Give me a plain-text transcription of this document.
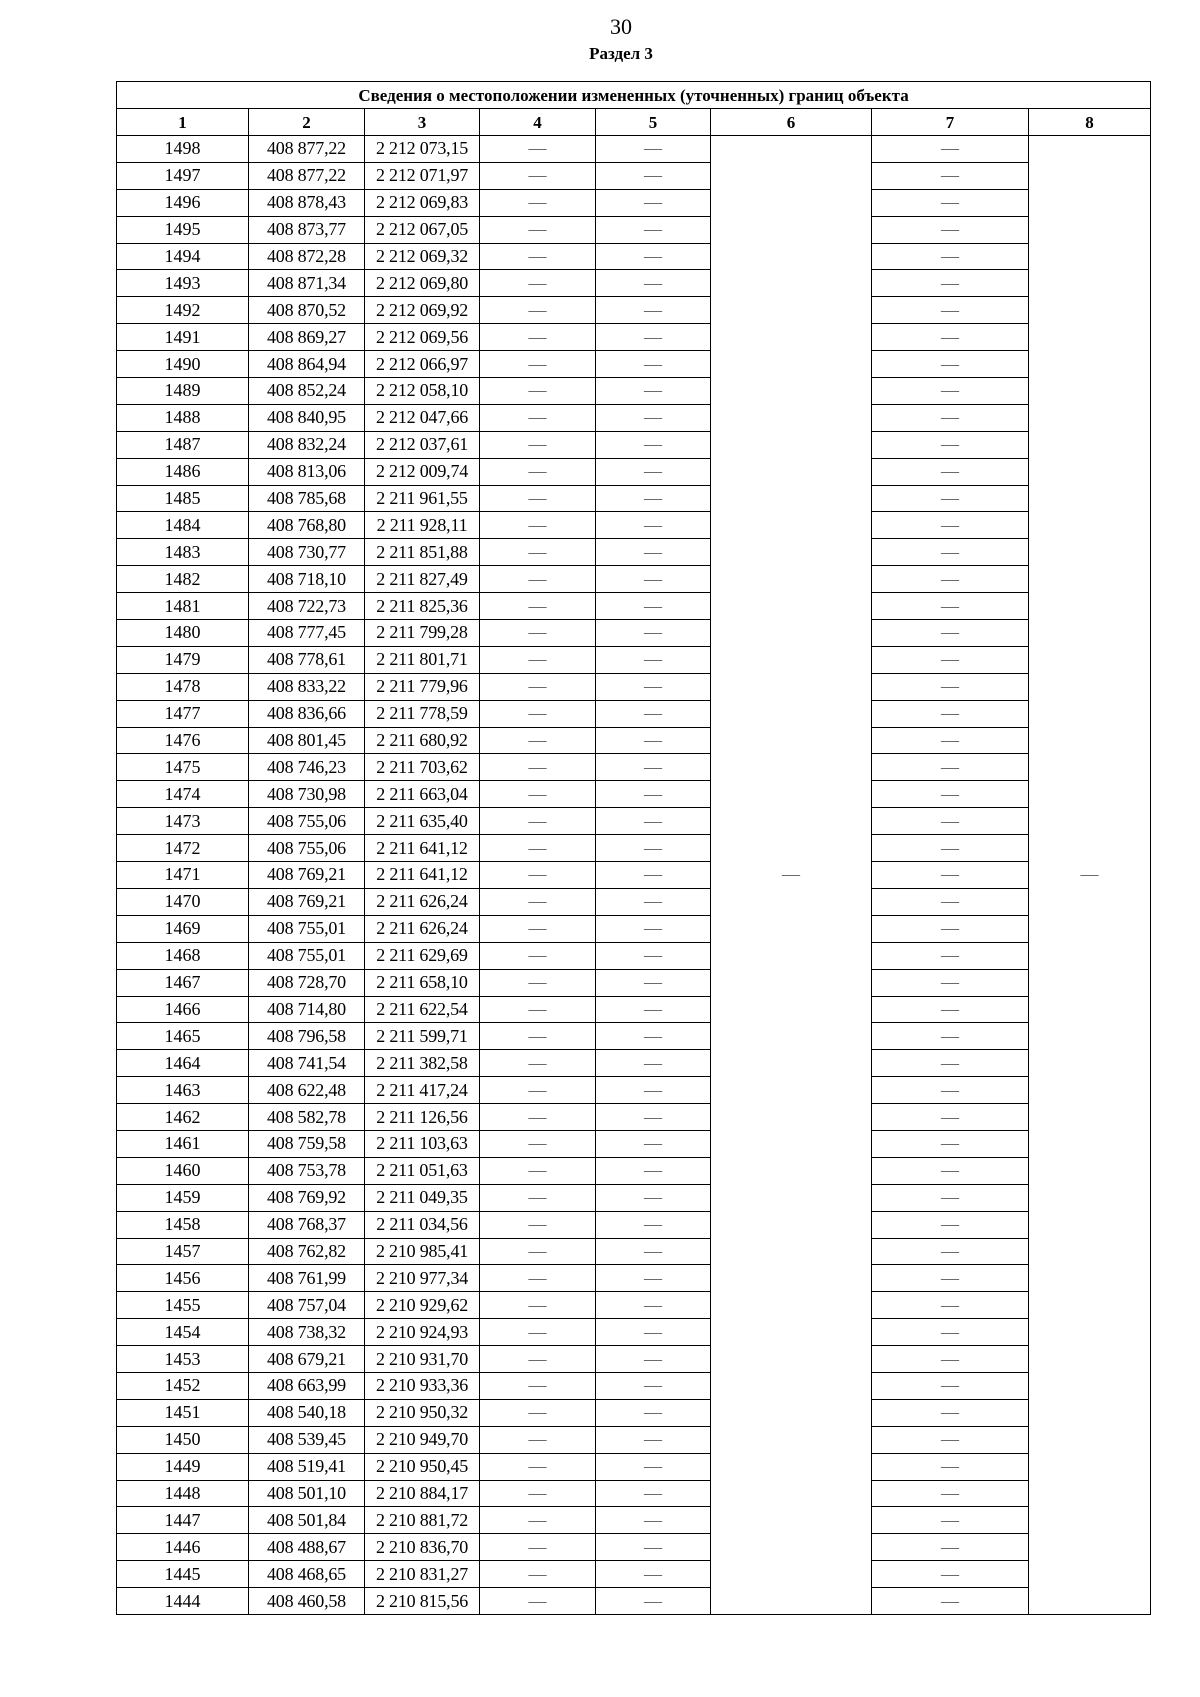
30
Раздел 3
Сведения о местоположении измененных (уточненных) границ объекта							
1	2	3	4	5	6	7	8
1498	408 877,22	2 212 073,15	—	—	—	—	—
1497	408 877,22	2 212 071,97	—	—		—	
1496	408 878,43	2 212 069,83	—	—		—	
1495	408 873,77	2 212 067,05	—	—		—	
1494	408 872,28	2 212 069,32	—	—		—	
1493	408 871,34	2 212 069,80	—	—		—	
1492	408 870,52	2 212 069,92	—	—		—	
1491	408 869,27	2 212 069,56	—	—		—	
1490	408 864,94	2 212 066,97	—	—		—	
1489	408 852,24	2 212 058,10	—	—		—	
1488	408 840,95	2 212 047,66	—	—		—	
1487	408 832,24	2 212 037,61	—	—		—	
1486	408 813,06	2 212 009,74	—	—		—	
1485	408 785,68	2 211 961,55	—	—		—	
1484	408 768,80	2 211 928,11	—	—		—	
1483	408 730,77	2 211 851,88	—	—		—	
1482	408 718,10	2 211 827,49	—	—		—	
1481	408 722,73	2 211 825,36	—	—		—	
1480	408 777,45	2 211 799,28	—	—		—	
1479	408 778,61	2 211 801,71	—	—		—	
1478	408 833,22	2 211 779,96	—	—		—	
1477	408 836,66	2 211 778,59	—	—		—	
1476	408 801,45	2 211 680,92	—	—		—	
1475	408 746,23	2 211 703,62	—	—		—	
1474	408 730,98	2 211 663,04	—	—		—	
1473	408 755,06	2 211 635,40	—	—		—	
1472	408 755,06	2 211 641,12	—	—		—	
1471	408 769,21	2 211 641,12	—	—		—	
1470	408 769,21	2 211 626,24	—	—		—	
1469	408 755,01	2 211 626,24	—	—		—	
1468	408 755,01	2 211 629,69	—	—		—	
1467	408 728,70	2 211 658,10	—	—		—	
1466	408 714,80	2 211 622,54	—	—		—	
1465	408 796,58	2 211 599,71	—	—		—	
1464	408 741,54	2 211 382,58	—	—		—	
1463	408 622,48	2 211 417,24	—	—		—	
1462	408 582,78	2 211 126,56	—	—		—	
1461	408 759,58	2 211 103,63	—	—		—	
1460	408 753,78	2 211 051,63	—	—		—	
1459	408 769,92	2 211 049,35	—	—		—	
1458	408 768,37	2 211 034,56	—	—		—	
1457	408 762,82	2 210 985,41	—	—		—	
1456	408 761,99	2 210 977,34	—	—		—	
1455	408 757,04	2 210 929,62	—	—		—	
1454	408 738,32	2 210 924,93	—	—		—	
1453	408 679,21	2 210 931,70	—	—		—	
1452	408 663,99	2 210 933,36	—	—		—	
1451	408 540,18	2 210 950,32	—	—		—	
1450	408 539,45	2 210 949,70	—	—		—	
1449	408 519,41	2 210 950,45	—	—		—	
1448	408 501,10	2 210 884,17	—	—		—	
1447	408 501,84	2 210 881,72	—	—		—	
1446	408 488,67	2 210 836,70	—	—		—	
1445	408 468,65	2 210 831,27	—	—		—	
1444	408 460,58	2 210 815,56	—	—		—	
